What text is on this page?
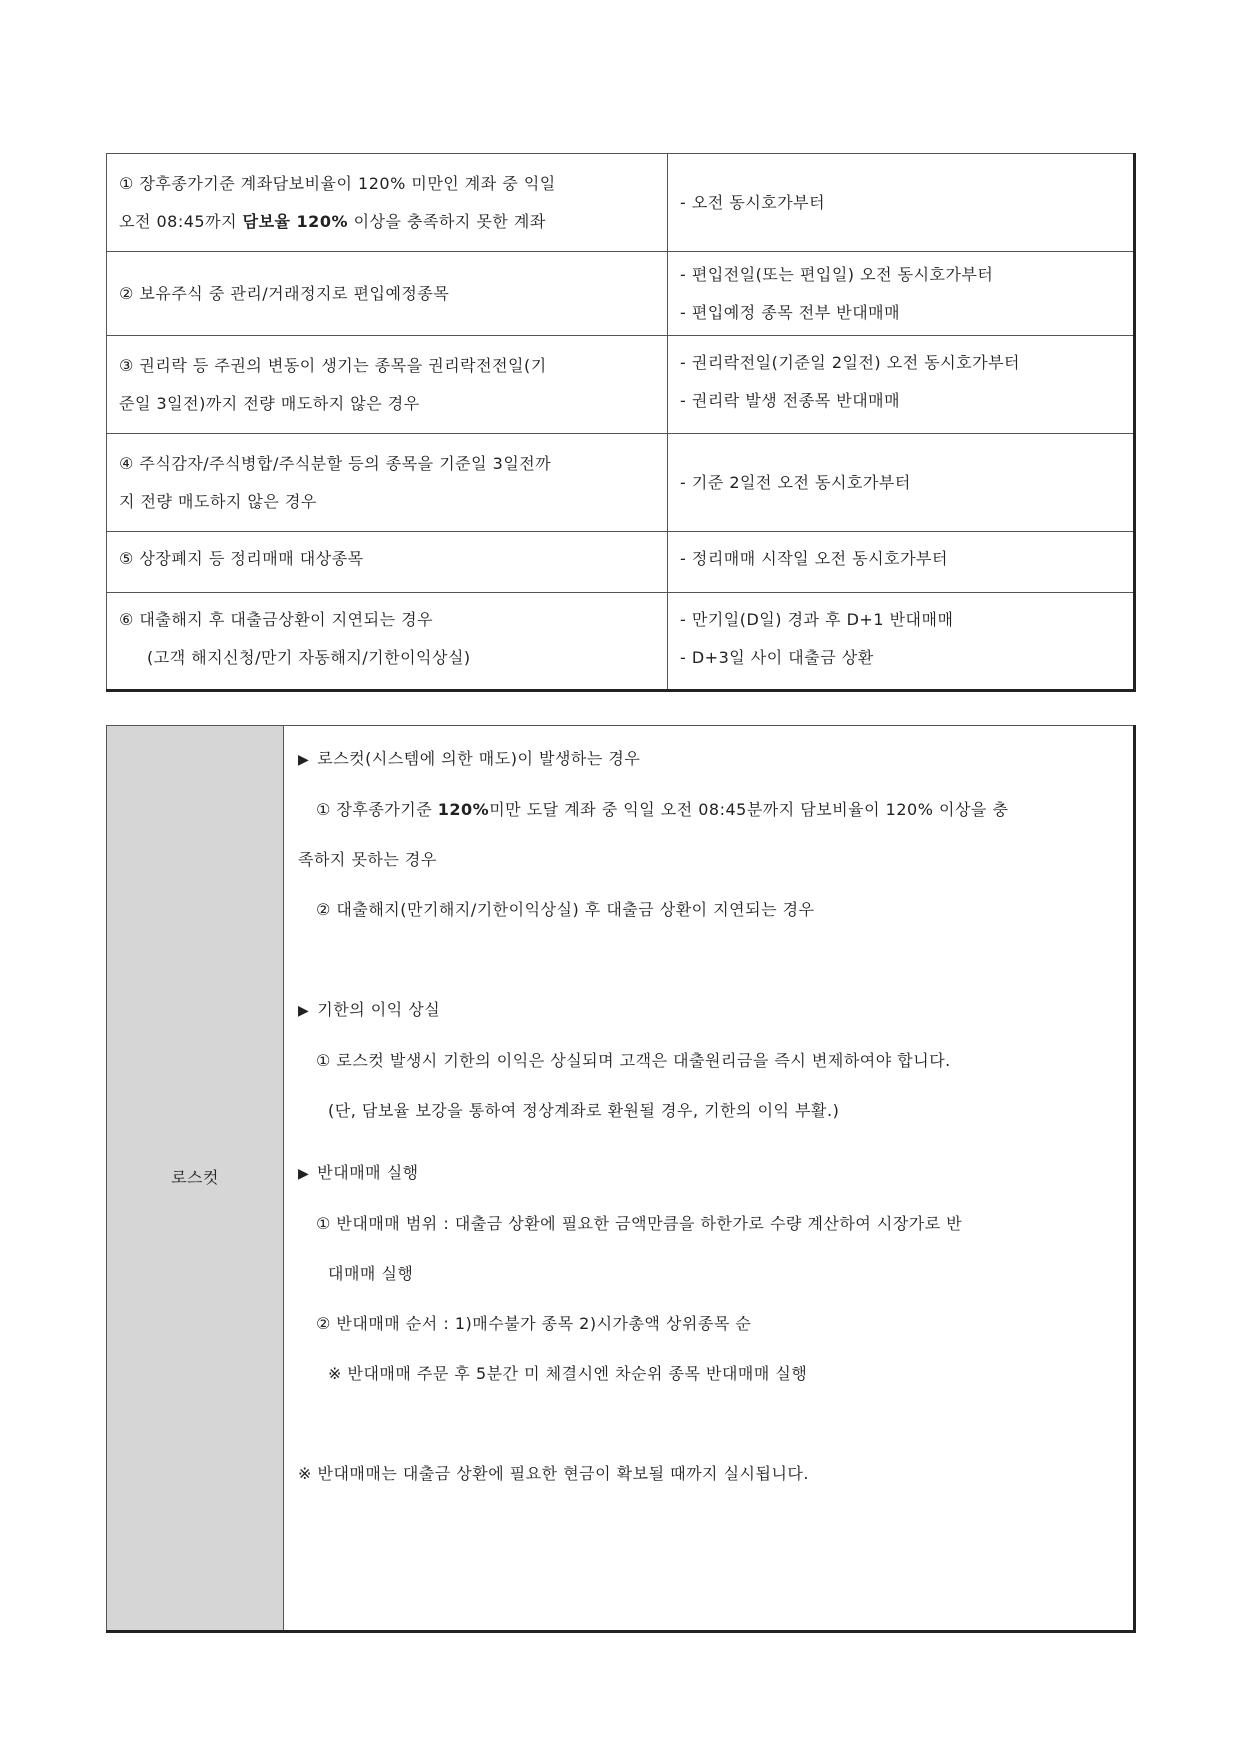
① 장후종가기준 계좌담보비율이 120% 미만인 계좌 중 익일
오전 08:45까지 담보율 120% 이상을 충족하지 못한 계좌	- 오전 동시호가부터

② 보유주식 중 관리/거래정지로 편입예정종목	- 편입전일(또는 편입일) 오전 동시호가부터
- 편입예정 종목 전부 반대매매

③ 권리락 등 주권의 변동이 생기는 종목을 권리락전전일(기
준일 3일전)까지 전량 매도하지 않은 경우	- 권리락전일(기준일 2일전) 오전 동시호가부터
- 권리락 발생 전종목 반대매매

④ 주식감자/주식병합/주식분할 등의 종목을 기준일 3일전까
지 전량 매도하지 않은 경우	- 기준 2일전 오전 동시호가부터

⑤ 상장폐지 등 정리매매 대상종목	- 정리매매 시작일 오전 동시호가부터

⑥ 대출해지 후 대출금상환이 지연되는 경우
(고객 해지신청/만기 자동해지/기한이익상실)	- 만기일(D일) 경과 후 D+1 반대매매
- D+3일 사이 대출금 상환
로스컷	
▶ 로스컷(시스템에 의한 매도)이 발생하는 경우
① 장후종가기준 120%미만 도달 계좌 중 익일 오전 08:45분까지 담보비율이 120% 이상을 충
족하지 못하는 경우
② 대출해지(만기해지/기한이익상실) 후 대출금 상환이 지연되는 경우
▶ 기한의 이익 상실
① 로스컷 발생시 기한의 이익은 상실되며 고객은 대출원리금을 즉시 변제하여야 합니다.
(단, 담보율 보강을 통하여 정상계좌로 환원될 경우, 기한의 이익 부활.)
▶ 반대매매 실행
① 반대매매 범위 : 대출금 상환에 필요한 금액만큼을 하한가로 수량 계산하여 시장가로 반
대매매 실행
② 반대매매 순서 : 1)매수불가 종목 2)시가총액 상위종목 순
※ 반대매매 주문 후 5분간 미 체결시엔 차순위 종목 반대매매 실행
※ 반대매매는 대출금 상환에 필요한 현금이 확보될 때까지 실시됩니다.
